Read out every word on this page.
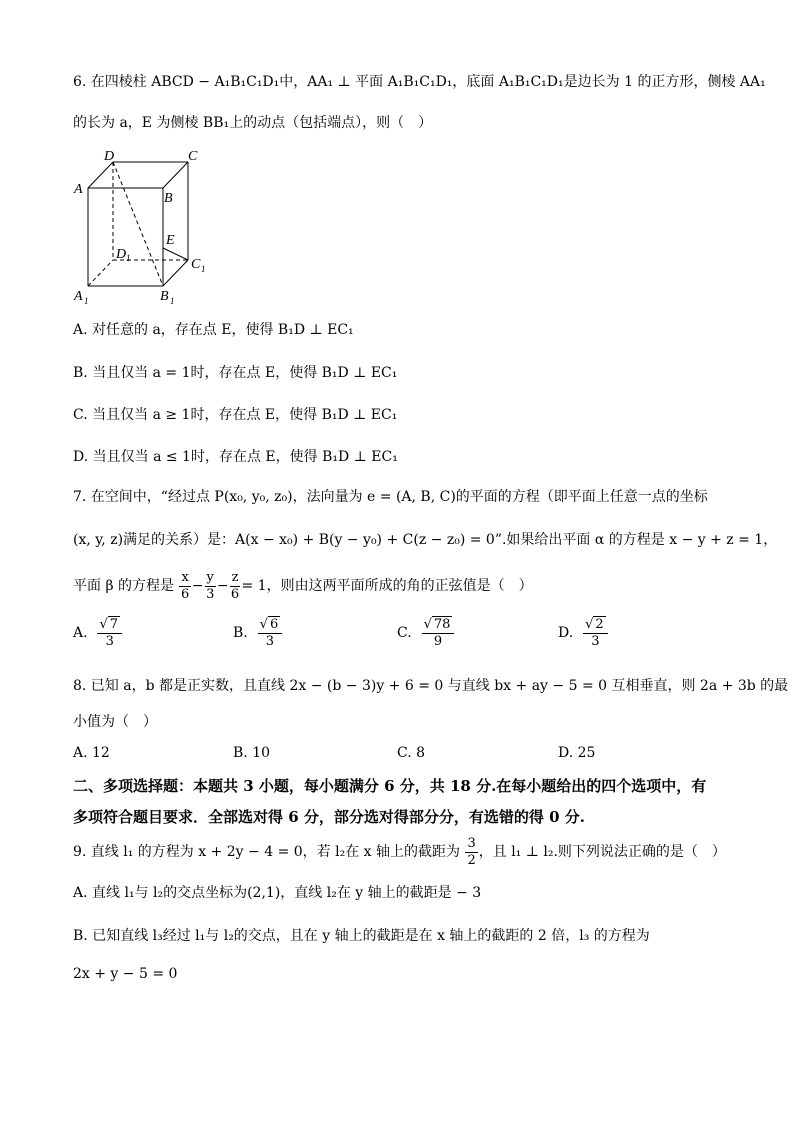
6. 在四棱柱 ABCD − A₁B₁C₁D₁中，AA₁ ⊥ 平面 A₁B₁C₁D₁，底面 A₁B₁C₁D₁是边长为 1 的正方形，侧棱 AA₁
的长为 a，E 为侧棱 BB₁上的动点（包括端点），则（　）
D	C
A
B
E
D 1	C 1
A 1	B 1
A. 对任意的 a，存在点 E，使得 B₁D ⊥ EC₁
B. 当且仅当 a = 1时，存在点 E，使得 B₁D ⊥ EC₁
C. 当且仅当 a ≥ 1时，存在点 E，使得 B₁D ⊥ EC₁
D. 当且仅当 a ≤ 1时，存在点 E，使得 B₁D ⊥ EC₁
7. 在空间中，“经过点 P(x₀, y₀, z₀)，法向量为 e = (A, B, C)的平面的方程（即平面上任意一点的坐标
(x, y, z)满足的关系）是：A(x − x₀) + B(y − y₀) + C(z − z₀) = 0”.如果给出平面 α 的方程是 x − y + z = 1，
平面 β 的方程是 $\frac{x}{6} - \frac{y}{3} - \frac{z}{6} = 1$，则由这两平面所成的角的正弦值是（　）
A. $\frac{√ 7}{3}$	B. $\frac{√ 6}{3}$	C. $\frac{√ 78}{9}$	D. $\frac{√ 2}{3}$
8. 已知 a，b 都是正实数，且直线 2x − (b − 3)y + 6 = 0 与直线 bx + ay − 5 = 0 互相垂直，则 2a + 3b 的最
小值为（　）
A. 12	B. 10	C. 8	D. 25
二、多项选择题：本题共 3 小题，每小题满分 6 分，共 18 分.在每小题给出的四个选项中，有
多项符合题目要求．全部选对得 6 分，部分选对得部分分，有选错的得 0 分.
9. 直线 l₁ 的方程为 x + 2y − 4 = 0，若 l₂在 x 轴上的截距为 $\frac{3}{2}$ ，且 l₁ ⊥ l₂.则下列说法正确的是（　）
A. 直线 l₁与 l₂的交点坐标为(2,1)，直线 l₂在 y 轴上的截距是 − 3
B. 已知直线 l₃经过 l₁与 l₂的交点，且在 y 轴上的截距是在 x 轴上的截距的 2 倍，l₃ 的方程为
2x + y − 5 = 0
